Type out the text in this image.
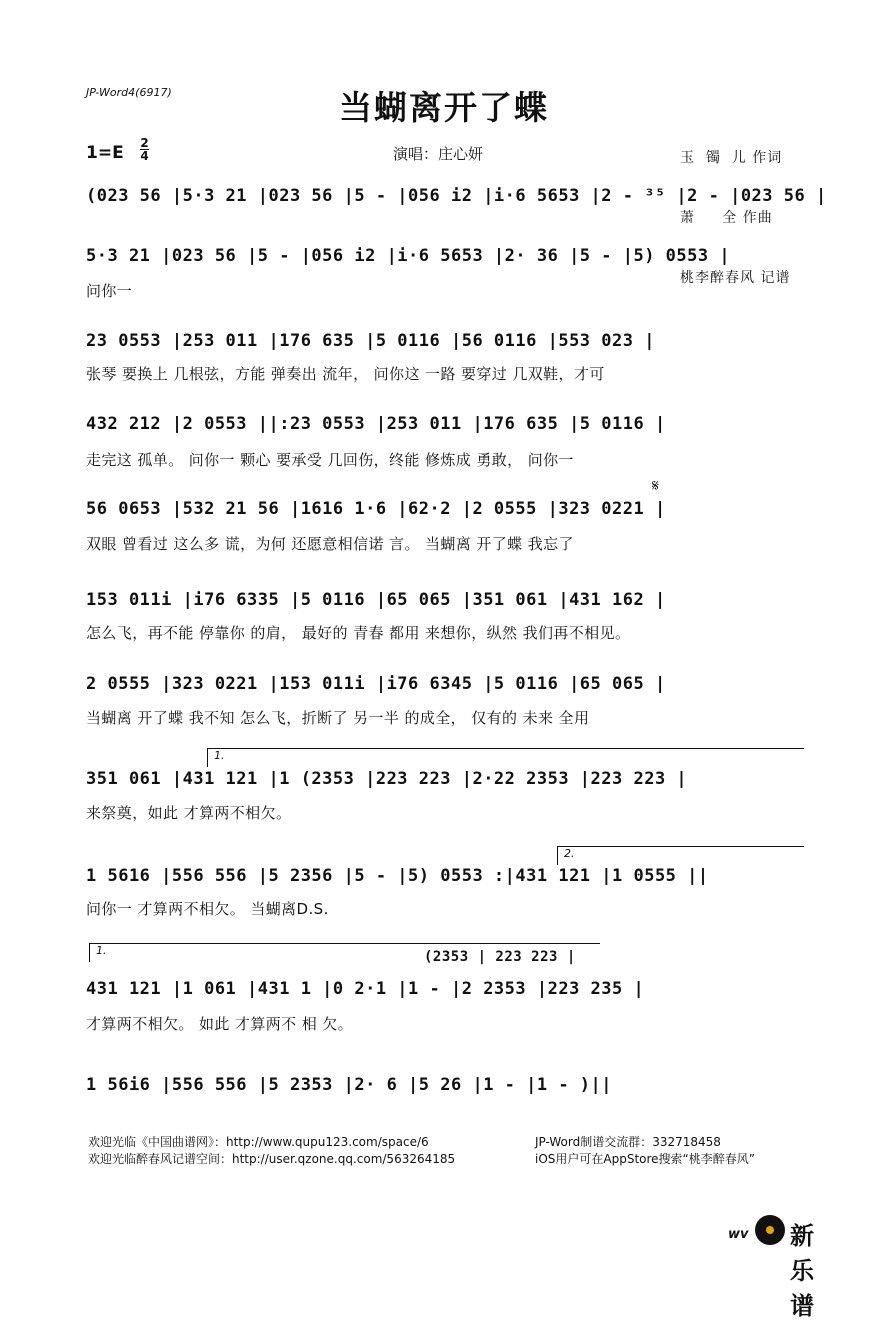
JP-Word4(6917)	当蝴离开了蝶
1=E 2
4	演唱：庄心妍

	玉  镯  儿 作词

萧     全 作曲

桃李醉春风 记谱

(023 56 |5·3 21 |023 56 |5 - |056 i2 |i·6 5653 |2 - ³⁵ |2 - |023 56 |
5·3 21 |023 56 |5 - |056 i2 |i·6 5653 |2· 36 |5 - |5) 0553 |
问你一
23 0553 |253 011 |176 635 |5 0116 |56 0116 |553 023 |
张琴 要换上 几根弦，方能 弹奏出 流年， 问你这 一路 要穿过 几双鞋，才可
432 212 |2 0553 ||:23 0553 |253 011 |176 635 |5 0116 |
走完这 孤单。 问你一 颗心 要承受 几回伤，终能 修炼成 勇敢， 问你一
𝄋
56 0653 |532 21 56 |1616 1·6 |62·2 |2 0555 |323 0221 |
双眼 曾看过 这么多 谎，为何 还愿意相信诺 言。 当蝴离 开了蝶 我忘了
153 011i |i76 6335 |5 0116 |65 065 |351 061 |431 162 |
怎么飞，再不能 停靠你 的肩， 最好的 青春 都用 来想你，纵然 我们再不相见。
2 0555 |323 0221 |153 011i |i76 6345 |5 0116 |65 065 |
当蝴离 开了蝶 我不知 怎么飞，折断了 另一半 的成全， 仅有的 未来 全用
1.
351 061 |431 121 |1 (2353 |223 223 |2·22 2353 |223 223 |
来祭奠，如此 才算两不相欠。
2.
1 5616 |556 556 |5 2356 |5 - |5) 0553 :|431 121 |1 0555 ||
问你一 才算两不相欠。 当蝴离D.S.
1.	(2353 | 223 223 |
431 121 |1 061 |431 1 |0 2·1 |1 - |2 2353 |223 235 |
才算两不相欠。 如此 才算两不 相 欠。
1 56i6 |556 556 |5 2353 |2· 6 |5 26 |1 - |1 - )||
欢迎光临《中国曲谱网》：http://www.qupu123.com/space/6
欢迎光临醉春风记谱空间：http://user.qzone.qq.com/563264185
JP-Word制谱交流群：332718458
iOS用户可在AppStore搜索“桃李醉春风”
wv 新乐谱
